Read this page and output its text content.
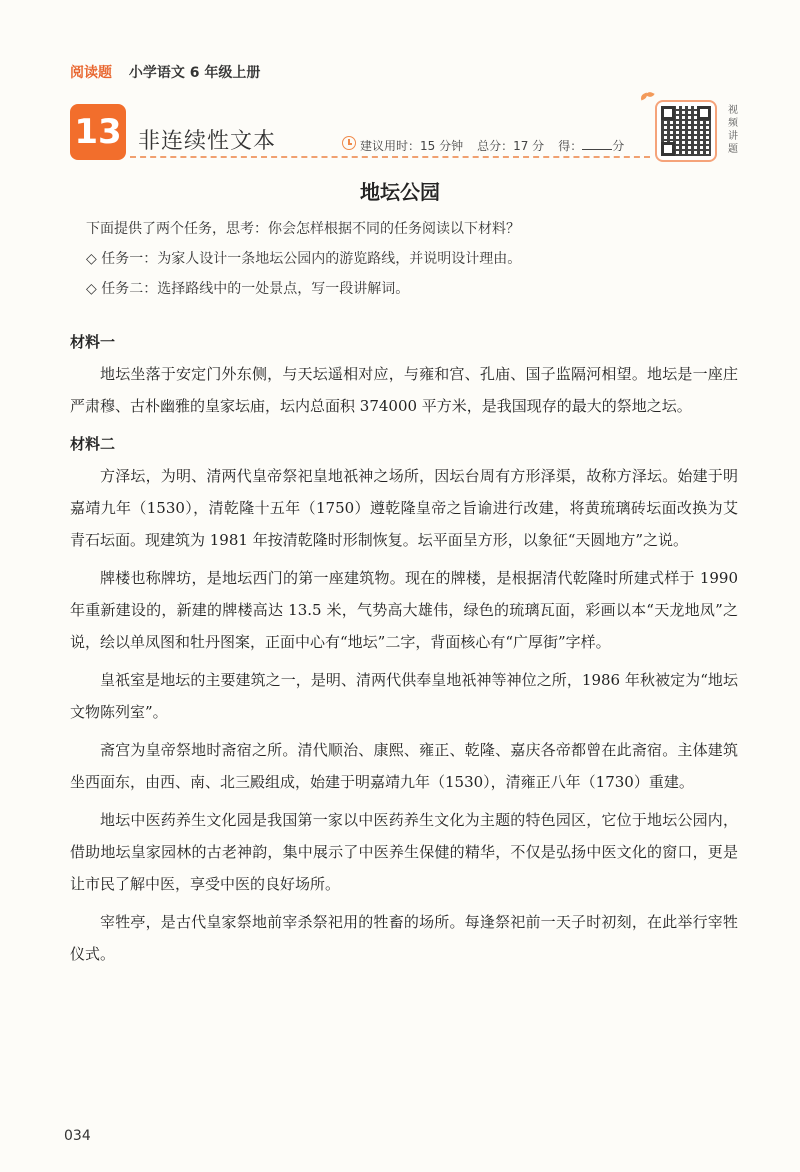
阅读题 小学语文 6 年级上册
13 非连续性文本	建议用时：15 分钟 总分：17 分 得：	分
视频讲题
地坛公园
下面提供了两个任务，思考：你会怎样根据不同的任务阅读以下材料？
◇ 任务一：为家人设计一条地坛公园内的游览路线，并说明设计理由。
◇ 任务二：选择路线中的一处景点，写一段讲解词。
材料一

地坛坐落于安定门外东侧，与天坛遥相对应，与雍和宫、孔庙、国子监隔河相望。地坛是一座庄严肃穆、古朴幽雅的皇家坛庙，坛内总面积 374000 平方米，是我国现存的最大的祭地之坛。

材料二

方泽坛，为明、清两代皇帝祭祀皇地祇神之场所，因坛台周有方形泽渠，故称方泽坛。始建于明嘉靖九年（1530），清乾隆十五年（1750）遵乾隆皇帝之旨谕进行改建，将黄琉璃砖坛面改换为艾青石坛面。现建筑为 1981 年按清乾隆时形制恢复。坛平面呈方形，以象征“天圆地方”之说。

牌楼也称牌坊，是地坛西门的第一座建筑物。现在的牌楼，是根据清代乾隆时所建式样于 1990 年重新建设的，新建的牌楼高达 13.5 米，气势高大雄伟，绿色的琉璃瓦面，彩画以本“天龙地凤”之说，绘以单凤图和牡丹图案，正面中心有“地坛”二字，背面核心有“广厚街”字样。

皇祇室是地坛的主要建筑之一，是明、清两代供奉皇地祇神等神位之所，1986 年秋被定为“地坛文物陈列室”。

斋宫为皇帝祭地时斋宿之所。清代顺治、康熙、雍正、乾隆、嘉庆各帝都曾在此斋宿。主体建筑坐西面东，由西、南、北三殿组成，始建于明嘉靖九年（1530），清雍正八年（1730）重建。

地坛中医药养生文化园是我国第一家以中医药养生文化为主题的特色园区，它位于地坛公园内，借助地坛皇家园林的古老神韵，集中展示了中医养生保健的精华，不仅是弘扬中医文化的窗口，更是让市民了解中医，享受中医的良好场所。

宰牲亭，是古代皇家祭地前宰杀祭祀用的牲畜的场所。每逢祭祀前一天子时初刻，在此举行宰牲仪式。

034
